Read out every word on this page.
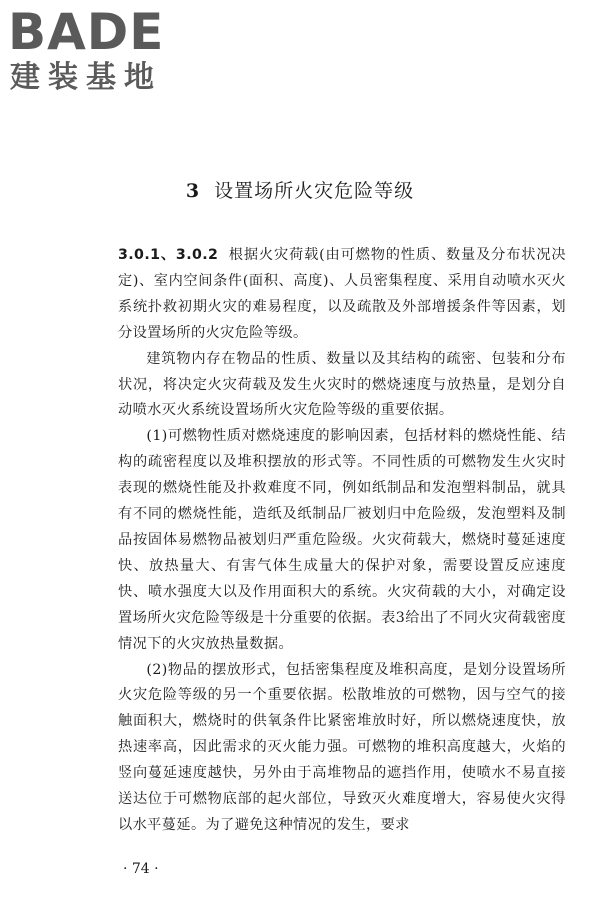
BADE
建装基地
3 设置场所火灾危险等级

3.0.1、3.0.2 根据火灾荷载(由可燃物的性质、数量及分布状况决定)、室内空间条件(面积、高度)、人员密集程度、采用自动喷水灭火系统扑救初期火灾的难易程度，以及疏散及外部增援条件等因素，划分设置场所的火灾危险等级。

建筑物内存在物品的性质、数量以及其结构的疏密、包装和分布状况，将决定火灾荷载及发生火灾时的燃烧速度与放热量，是划分自动喷水灭火系统设置场所火灾危险等级的重要依据。

(1)可燃物性质对燃烧速度的影响因素，包括材料的燃烧性能、结构的疏密程度以及堆积摆放的形式等。不同性质的可燃物发生火灾时表现的燃烧性能及扑救难度不同，例如纸制品和发泡塑料制品，就具有不同的燃烧性能，造纸及纸制品厂被划归中危险级，发泡塑料及制品按固体易燃物品被划归严重危险级。火灾荷载大，燃烧时蔓延速度快、放热量大、有害气体生成量大的保护对象，需要设置反应速度快、喷水强度大以及作用面积大的系统。火灾荷载的大小，对确定设置场所火灾危险等级是十分重要的依据。表3给出了不同火灾荷载密度情况下的火灾放热量数据。

(2)物品的摆放形式，包括密集程度及堆积高度，是划分设置场所火灾危险等级的另一个重要依据。松散堆放的可燃物，因与空气的接触面积大，燃烧时的供氧条件比紧密堆放时好，所以燃烧速度快，放热速率高，因此需求的灭火能力强。可燃物的堆积高度越大，火焰的竖向蔓延速度越快，另外由于高堆物品的遮挡作用，使喷水不易直接送达位于可燃物底部的起火部位，导致灭火难度增大，容易使火灾得以水平蔓延。为了避免这种情况的发生，要求

· 74 ·
